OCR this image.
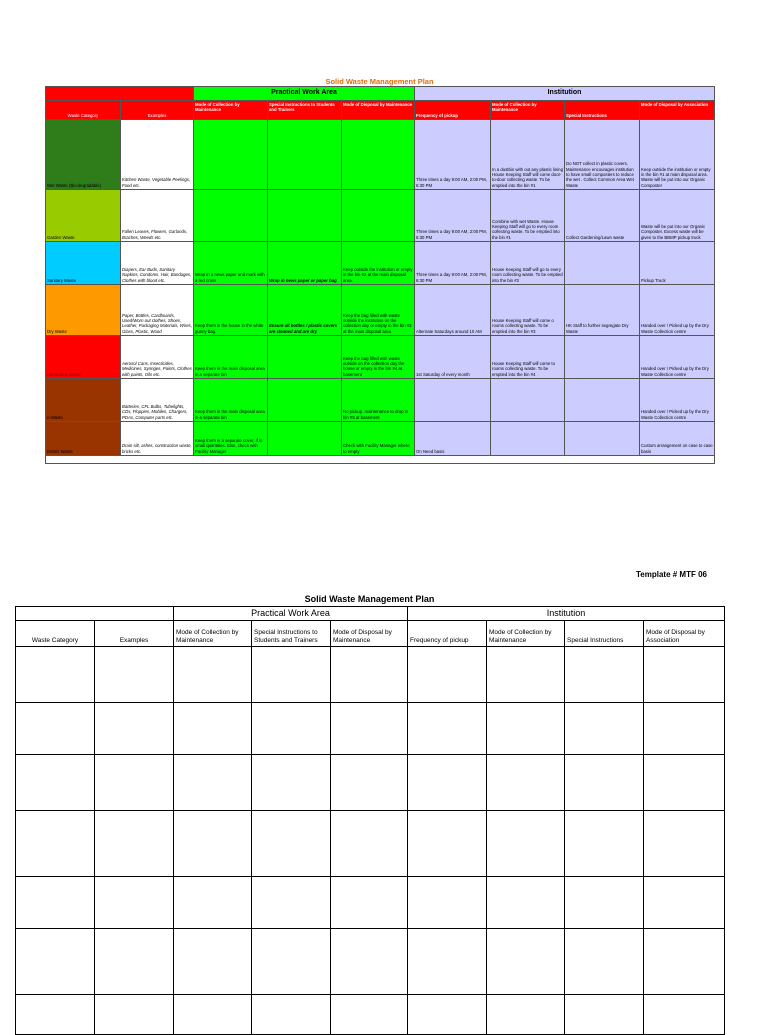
Solid Waste Management Plan
		Practical Work Area			Institution			
Waste Category	Examples	Mode of Collection by Maintenance	Special Instructions to Students and Trainers	Mode of Disposal by Maintenance	Frequency of pickup	Mode of Collection by Maintenance	Special Instructions	Mode of Disposal by Association
Wet Waste (Bio-degradable)	Kitchen Waste, Vegetable Peelings, Food etc.				Three times a day 9:00 AM, 2:00 PM, 6:30 PM	In a dustbin with out any plastic lining House Keeping Staff will come door-to-door collecting waste. To be emptied into the bin #1	Do NOT collect in plastic covers. Maintenance encourages institution to have small composters to reduce the wet . Collect Common Area Wet Waste	Keep outside the institution or empty in the bin #1 at main disposal area. Waste will be put into our Organic Composter
Garden Waste	Fallen Leaves, Flowers, Garlands, Braches, Weeds etc.				Three times a day 9:00 AM, 2:00 PM, 6:30 PM	Combine with wet Waste. House Keeping Staff will go to every room collecting waste. To be emptied into the bin #1	Collect Gardening/Lawn waste	Waste will be put into our Organic Composter. Excess waste will be given to the BBMP pickup truck
Sanitary Waste	Diapers, Ear Buds, Sanitary Napkins, Condoms, Hair, Bandages, Clothes with blood etc.	Wrap in a news paper and mark with a red cross	Wrap in news paper or paper bag	Keep outside the institution or empty in the bin #2 at the main disposal area.	Three times a day 9:00 AM, 2:00 PM, 6:30 PM	House Keeping Staff will go to every room collecting waste. To be emptied into the bin #2		Pickup Truck
Dry Waste	Paper, Bottles, Cardboards, Used/Worn out clothes, Shoes, Leather, Packaging Materials, Wires, Glass, Plastic, Wood	Keep them in the house in the white gunny bag.	Ensure all bottles / plastic covers are cleaned and are dry	Keep the bag filled with waste outside the institution on the collection day or empty in the bin #3 at the main disposal area	Alternate Saturdays around 10 AM	House Keeping Staff will come o rooms collecting waste. To be emptied into the bin #3	HK Staff to further segregate Dry Waste	Handed over / Picked up by the Dry Waste Collection centre
Hazardous Waste	Aerosol Cans, Insecticides, Medicines, Syringes, Paints, Clothes with paints, Oils etc.	Keep them in the main disposal area in a separate bin		Keep the bag filled with waste outside on the collection day the house or empty in the bin #4 at basement	1st Saturday of every month	House Keeping Staff will come to rooms collecting waste. To be emptied into the bin #4		Handed over / Picked up by the Dry Waste Collection centre
e-Waste	Batteries, CFL Bulbs, Tubelights, CDs, Floppies, Mobiles, Chargers, PDAs, Computer parts etc.	Keep them in the main disposal area in a separate bin		No pickup. maintenance to drop in bin #5 at basement				Handed over / Picked up by the Dry Waste Collection centre
Debris Waste	Drain silt, ashes, construction waste, bricks etc.	Keep them in a separate cover, if in small quantities. Else, check with Facility Manager		Check with Facility Manager where to empty	On Need basis			Custom arrangement on case to case basis

Template # MTF 06
Solid Waste Management Plan
		Practical Work Area			Institution			
Waste Category	Examples	Mode of Collection by Maintenance	Special Instructions to Students and Trainers	Mode of Disposal by Maintenance	Frequency of pickup	Mode of Collection by Maintenance	Special Instructions	Mode of Disposal by Association
